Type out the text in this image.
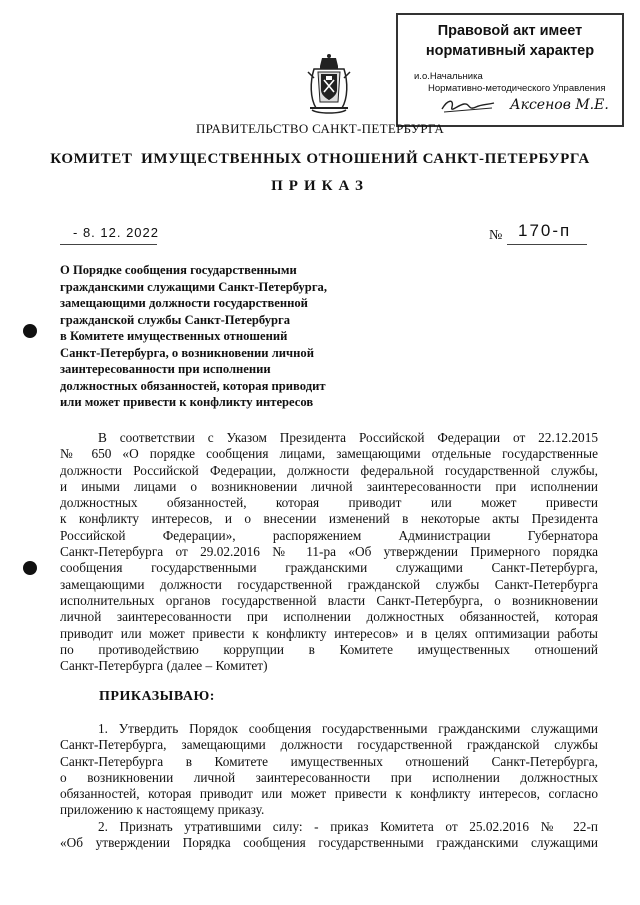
Правовой акт имеет
нормативный характер
и.о.Начальника
Нормативно-методического Управления
Аксенов М.Е.
ПРАВИТЕЛЬСТВО САНКТ-ПЕТЕРБУРГА
КОМИТЕТ  ИМУЩЕСТВЕННЫХ ОТНОШЕНИЙ САНКТ-ПЕТЕРБУРГА
ПРИКАЗ
- 8. 12. 2022	№ 170-п
О Порядке сообщения государственными
гражданскими служащими Санкт-Петербурга,
замещающими должности государственной
гражданской службы Санкт-Петербурга
в Комитете имущественных отношений
Санкт-Петербурга, о возникновении личной
заинтересованности при исполнении
должностных обязанностей, которая приводит
или может привести к конфликту интересов
В соответствии с Указом Президента Российской Федерации от 22.12.2015
№ 650 «О порядке сообщения лицами, замещающими отдельные государственные
должности Российской Федерации, должности федеральной государственной службы,
и иными лицами о возникновении личной заинтересованности при исполнении
должностных обязанностей, которая приводит или может привести
к конфликту интересов, и о внесении изменений в некоторые акты Президента
Российской Федерации», распоряжением Администрации Губернатора
Санкт-Петербурга от 29.02.2016 № 11-ра «Об утверждении Примерного порядка
сообщения государственными гражданскими служащими Санкт-Петербурга,
замещающими должности государственной гражданской службы Санкт-Петербурга
исполнительных органов государственной власти Санкт-Петербурга, о возникновении
личной заинтересованности при исполнении должностных обязанностей, которая
приводит или может привести к конфликту интересов» и в целях оптимизации работы
по противодействию коррупции в Комитете имущественных отношений
Санкт-Петербурга (далее – Комитет)
ПРИКАЗЫВАЮ:
1. Утвердить Порядок сообщения государственными гражданскими служащими
Санкт-Петербурга, замещающими должности государственной гражданской службы
Санкт-Петербурга в Комитете имущественных отношений Санкт-Петербурга,
о возникновении личной заинтересованности при исполнении должностных
обязанностей, которая приводит или может привести к конфликту интересов, согласно
приложению к настоящему приказу.
2. Признать утратившими силу: - приказ Комитета от 25.02.2016 № 22-п
«Об утверждении Порядка сообщения государственными гражданскими служащими
